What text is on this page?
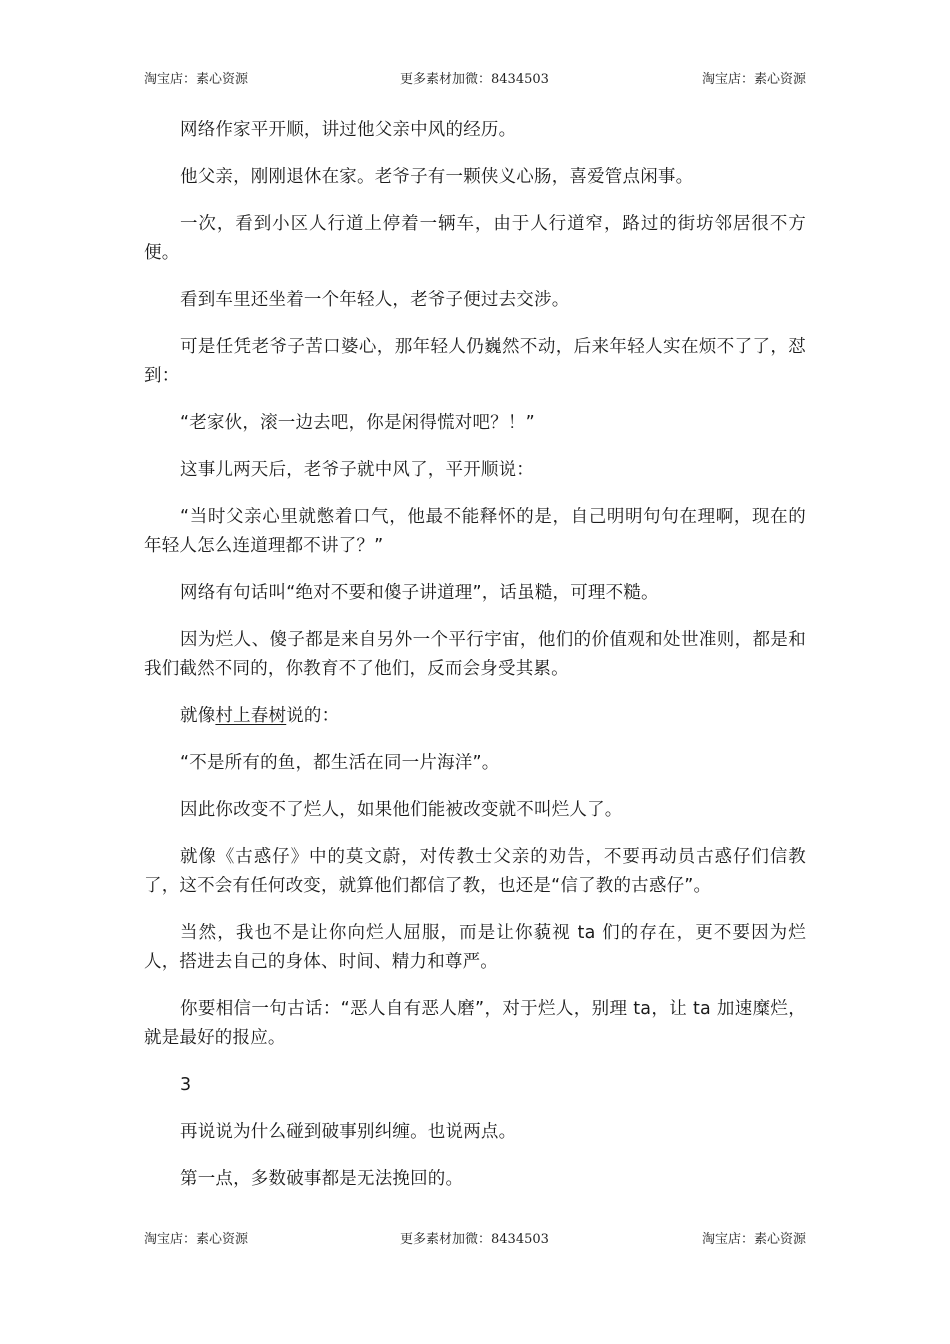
淘宝店：素心资源	更多素材加微：8434503	淘宝店：素心资源

网络作家平开顺，讲过他父亲中风的经历。

他父亲，刚刚退休在家。老爷子有一颗侠义心肠，喜爱管点闲事。

一次，看到小区人行道上停着一辆车，由于人行道窄，路过的街坊邻居很不方便。

看到车里还坐着一个年轻人，老爷子便过去交涉。

可是任凭老爷子苦口婆心，那年轻人仍巍然不动，后来年轻人实在烦不了了，怼到：

“老家伙，滚一边去吧，你是闲得慌对吧？！”

这事儿两天后，老爷子就中风了，平开顺说：

“当时父亲心里就憋着口气，他最不能释怀的是，自己明明句句在理啊，现在的年轻人怎么连道理都不讲了？”

网络有句话叫“绝对不要和傻子讲道理”，话虽糙，可理不糙。

因为烂人、傻子都是来自另外一个平行宇宙，他们的价值观和处世准则，都是和我们截然不同的，你教育不了他们，反而会身受其累。

就像村上春树说的：

“不是所有的鱼，都生活在同一片海洋”。

因此你改变不了烂人，如果他们能被改变就不叫烂人了。

就像《古惑仔》中的莫文蔚，对传教士父亲的劝告，不要再动员古惑仔们信教了，这不会有任何改变，就算他们都信了教，也还是“信了教的古惑仔”。

当然，我也不是让你向烂人屈服，而是让你藐视 ta 们的存在，更不要因为烂人，搭进去自己的身体、时间、精力和尊严。

你要相信一句古话：“恶人自有恶人磨”，对于烂人，别理 ta，让 ta 加速糜烂，就是最好的报应。

3

再说说为什么碰到破事别纠缠。也说两点。

第一点，多数破事都是无法挽回的。

淘宝店：素心资源	更多素材加微：8434503	淘宝店：素心资源
